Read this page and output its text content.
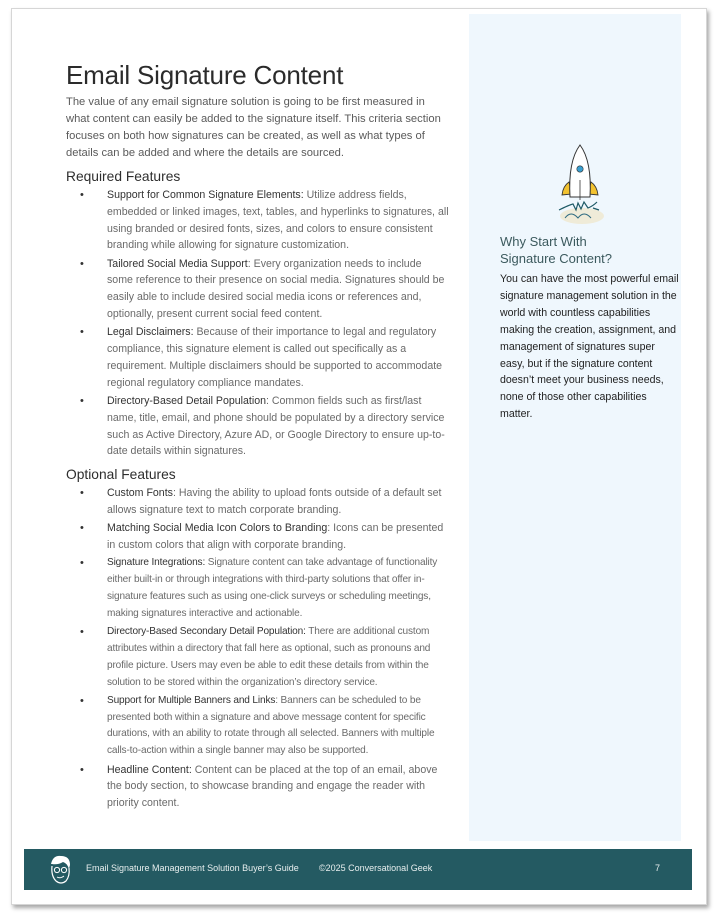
Email Signature Content

The value of any email signature solution is going to be first measured in what content can easily be added to the signature itself. This criteria section focuses on both how signatures can be created, as well as what types of details can be added and where the details are sourced.

Required Features
• Support for Common Signature Elements: Utilize address fields, embedded or linked images, text, tables, and hyperlinks to signatures, all using branded or desired fonts, sizes, and colors to ensure consistent branding while allowing for signature customization.
• Tailored Social Media Support: Every organization needs to include some reference to their presence on social media. Signatures should be easily able to include desired social media icons or references and, optionally, present current social feed content.
• Legal Disclaimers: Because of their importance to legal and regulatory compliance, this signature element is called out specifically as a requirement. Multiple disclaimers should be supported to accommodate regional regulatory compliance mandates.
• Directory-Based Detail Population: Common fields such as first/last name, title, email, and phone should be populated by a directory service such as Active Directory, Azure AD, or Google Directory to ensure up-to-date details within signatures.
Optional Features
• Custom Fonts: Having the ability to upload fonts outside of a default set allows signature text to match corporate branding.
• Matching Social Media Icon Colors to Branding: Icons can be presented in custom colors that align with corporate branding.
• Signature Integrations: Signature content can take advantage of functionality either built-in or through integrations with third-party solutions that offer in-signature features such as using one-click surveys or scheduling meetings, making signatures interactive and actionable.
• Directory-Based Secondary Detail Population: There are additional custom attributes within a directory that fall here as optional, such as pronouns and profile picture. Users may even be able to edit these details from within the solution to be stored within the organization’s directory service.
• Support for Multiple Banners and Links: Banners can be scheduled to be presented both within a signature and above message content for specific durations, with an ability to rotate through all selected. Banners with multiple calls-to-action within a single banner may also be supported.
• Headline Content: Content can be placed at the top of an email, above the body section, to showcase branding and engage the reader with priority content.
Why Start With
Signature Content?

You can have the most powerful email signature management solution in the world with countless capabilities making the creation, assignment, and management of signatures super easy, but if the signature content doesn’t meet your business needs, none of those other capabilities matter.

Email Signature Management Solution Buyer’s Guide ©2025 Conversational Geek	7
